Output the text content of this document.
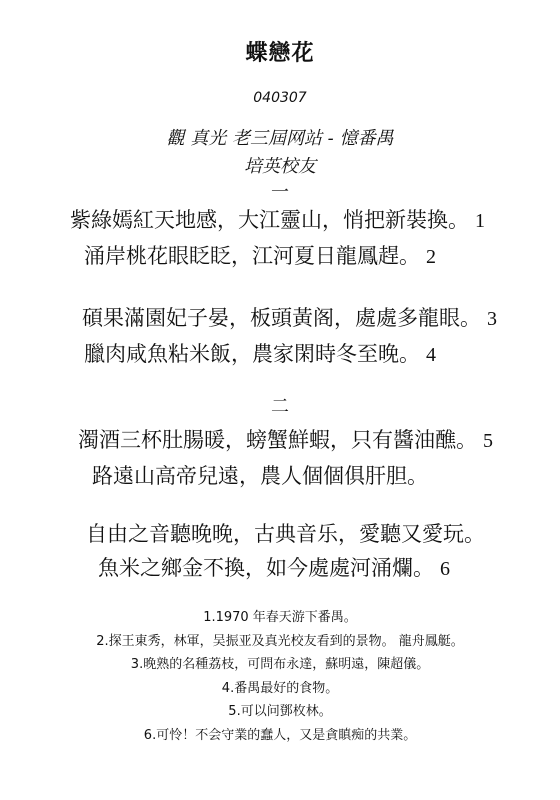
蝶戀花
040307
觀 真光 老三屆网站 - 憶番禺
培英校友
一
紫綠嫣紅天地感，大江靈山，悄把新裝換。 1
涌岸桃花眼眨眨，江河夏日龍鳳趕。 2
碩果滿園妃子晏，板頭黃阁，處處多龍眼。 3
臘肉咸魚粘米飯，農家閑時冬至晚。 4
二
濁酒三杯肚腸暖，螃蟹鮮蝦，只有醬油醮。 5
路遠山高帝兒遠，農人個個俱肝胆。
自由之音聽晚晚，古典音乐，愛聽又愛玩。
魚米之鄉金不換，如今處處河涌爛。 6
1.1970 年春天游下番禺。
2.探王東秀，林軍，吴振亚及真光校友看到的景物。 龍舟鳳艇。
3.晚熟的名種荔枝，可問布永達，蘇明遠，陳超儀。
4.番禺最好的食物。
5.可以问鄧枚林。
6.可怜！不会守業的蠢人，又是貪瞋痴的共業。
